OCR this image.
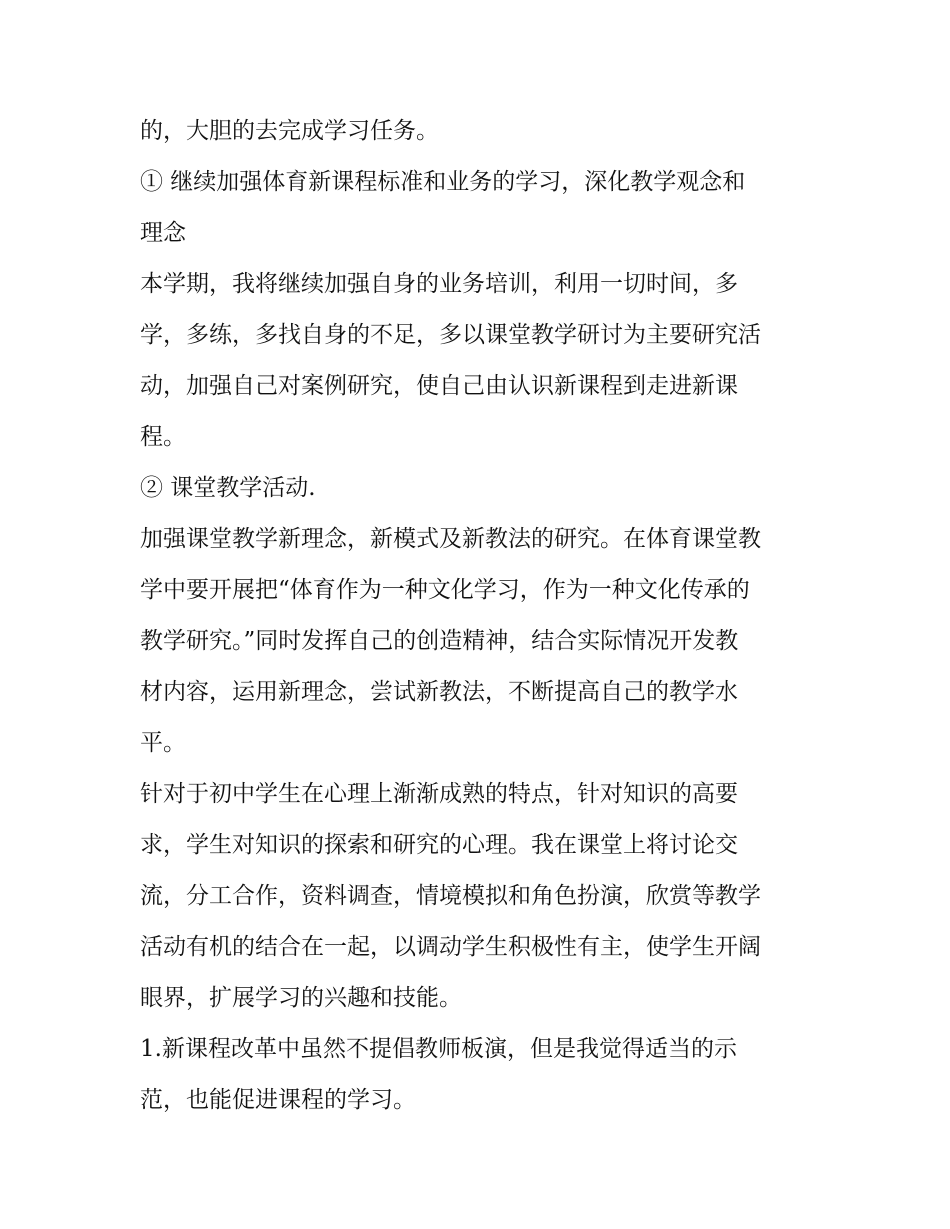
的，大胆的去完成学习任务。

① 继续加强体育新课程标准和业务的学习，深化教学观念和
理念

本学期，我将继续加强自身的业务培训，利用一切时间，多
学，多练，多找自身的不足，多以课堂教学研讨为主要研究活
动，加强自己对案例研究，使自己由认识新课程到走进新课
程。

② 课堂教学活动.

加强课堂教学新理念，新模式及新教法的研究。在体育课堂教
学中要开展把“体育作为一种文化学习，作为一种文化传承的
教学研究。”同时发挥自己的创造精神，结合实际情况开发教
材内容，运用新理念，尝试新教法，不断提高自己的教学水
平。

针对于初中学生在心理上渐渐成熟的特点，针对知识的高要
求，学生对知识的探索和研究的心理。我在课堂上将讨论交
流，分工合作，资料调查，情境模拟和角色扮演，欣赏等教学
活动有机的结合在一起，以调动学生积极性有主，使学生开阔
眼界，扩展学习的兴趣和技能。

1.新课程改革中虽然不提倡教师板演，但是我觉得适当的示
范，也能促进课程的学习。
